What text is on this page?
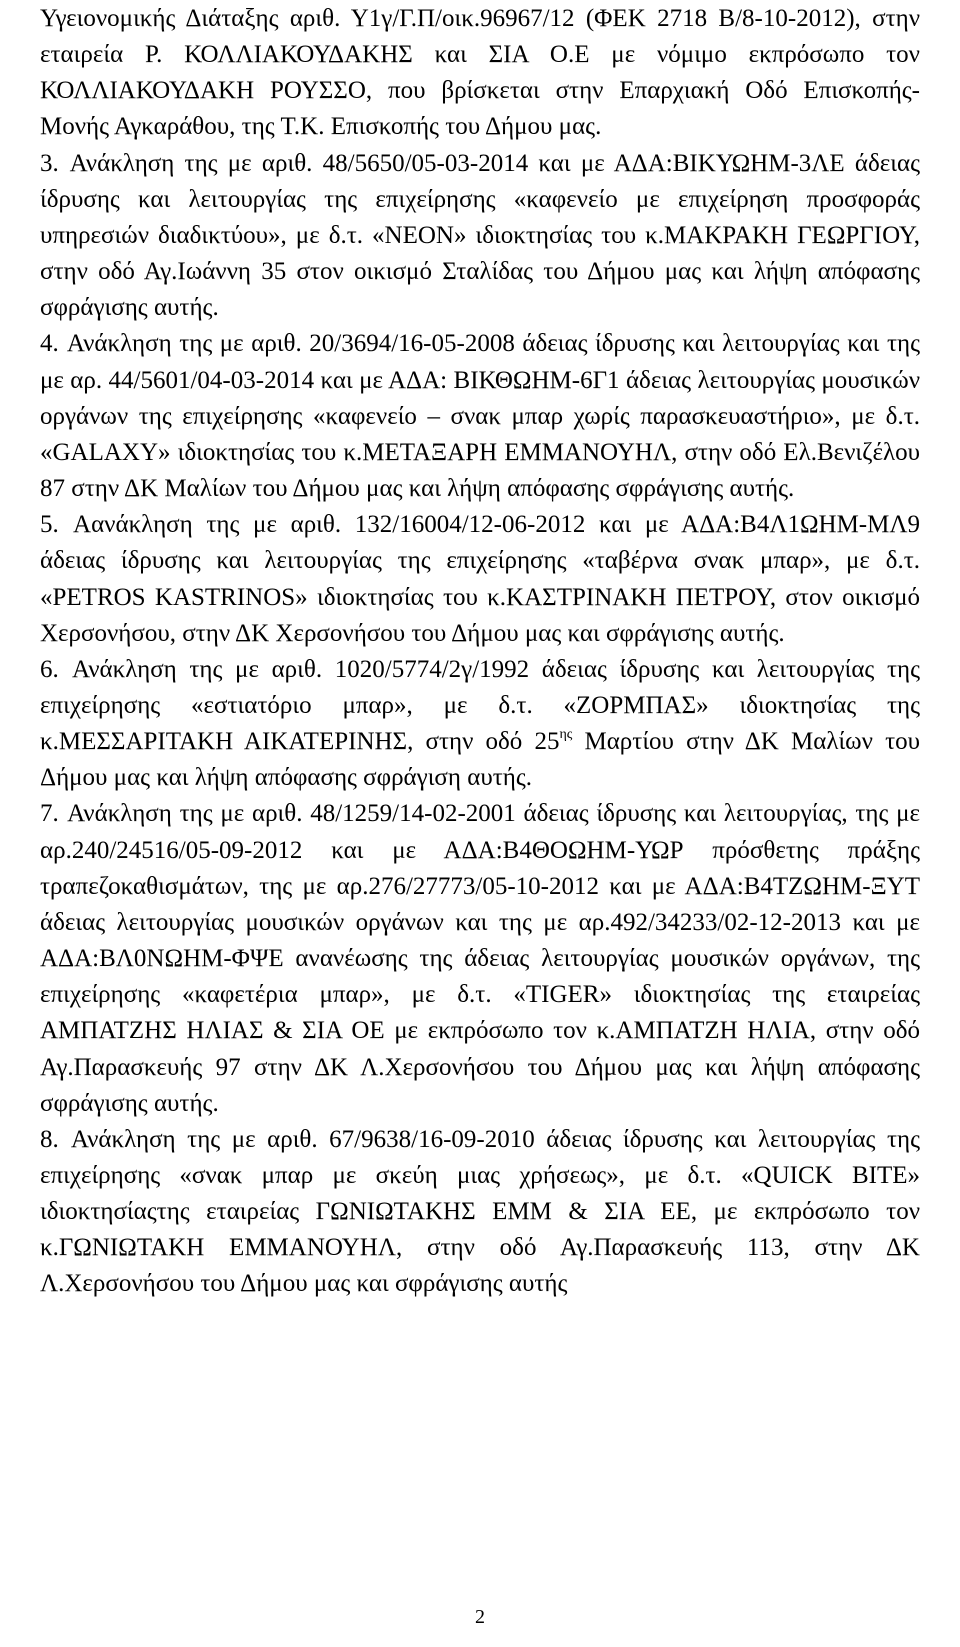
Υγειονομικής Διάταξης αριθ. Υ1γ/Γ.Π/οικ.96967/12 (ΦΕΚ 2718 Β/8-10-2012), στην εταιρεία Ρ. ΚΟΛΛΙΑΚΟΥΔΑΚΗΣ και ΣΙΑ Ο.Ε με νόμιμο εκπρόσωπο τον ΚΟΛΛΙΑΚΟΥΔΑΚΗ ΡΟΥΣΣΟ, που βρίσκεται στην Επαρχιακή Οδό Επισκοπής-Μονής Αγκαράθου, της Τ.Κ. Επισκοπής του Δήμου μας.

3. Ανάκληση της με αριθ. 48/5650/05-03-2014 και με ΑΔΑ:ΒΙΚΥΩΗΜ-3ΛΕ άδειας ίδρυσης και λειτουργίας της επιχείρησης «καφενείο με επιχείρηση προσφοράς υπηρεσιών διαδικτύου», με δ.τ. «NEON» ιδιοκτησίας του κ.ΜΑΚΡΑΚΗ ΓΕΩΡΓΙΟΥ, στην οδό Αγ.Ιωάννη 35 στον οικισμό Σταλίδας του Δήμου μας και λήψη απόφασης σφράγισης αυτής.
4. Ανάκληση της με αριθ. 20/3694/16-05-2008 άδειας ίδρυσης και λειτουργίας και της με αρ. 44/5601/04-03-2014 και με ΑΔΑ: ΒΙΚΘΩΗΜ-6Γ1 άδειας λειτουργίας μουσικών οργάνων της επιχείρησης «καφενείο – σνακ μπαρ χωρίς παρασκευαστήριο», με δ.τ. «GALAXY» ιδιοκτησίας του κ.ΜΕΤΑΞΑΡΗ ΕΜΜΑΝΟΥΗΛ, στην οδό Ελ.Βενιζέλου 87 στην ΔΚ Μαλίων του Δήμου μας και λήψη απόφασης σφράγισης αυτής.
5. Αανάκληση της με αριθ. 132/16004/12-06-2012 και με ΑΔΑ:Β4Λ1ΩΗΜ-ΜΛ9 άδειας ίδρυσης και λειτουργίας της επιχείρησης «ταβέρνα σνακ μπαρ», με δ.τ. «PETROS KASTRINOS» ιδιοκτησίας του κ.ΚΑΣΤΡΙΝΑΚΗ ΠΕΤΡΟΥ, στον οικισμό Χερσονήσου, στην ΔΚ Χερσονήσου του Δήμου μας και σφράγισης αυτής.
6. Ανάκληση της με αριθ. 1020/5774/2γ/1992 άδειας ίδρυσης και λειτουργίας της επιχείρησης «εστιατόριο μπαρ», με δ.τ. «ΖΟΡΜΠΑΣ» ιδιοκτησίας της κ.ΜΕΣΣΑΡΙΤΑΚΗ ΑΙΚΑΤΕΡΙΝΗΣ, στην οδό $25^{\eta\varsigma}$ Μαρτίου στην ΔΚ Μαλίων του Δήμου μας και λήψη απόφασης σφράγιση αυτής.
7. Ανάκληση της με αριθ. 48/1259/14-02-2001 άδειας ίδρυσης και λειτουργίας, της με αρ.240/24516/05-09-2012 και με ΑΔΑ:Β4ΘΟΩΗΜ-ΥΩΡ πρόσθετης πράξης τραπεζοκαθισμάτων, της με αρ.276/27773/05-10-2012 και με ΑΔΑ:Β4ΤΖΩΗΜ-ΞΥΤ άδειας λειτουργίας μουσικών οργάνων και της με αρ.492/34233/02-12-2013 και με ΑΔΑ:ΒΛ0ΝΩΗΜ-ΦΨΕ ανανέωσης της άδειας λειτουργίας μουσικών οργάνων, της επιχείρησης «καφετέρια μπαρ», με δ.τ. «TIGER» ιδιοκτησίας της εταιρείας ΑΜΠΑΤΖΗΣ ΗΛΙΑΣ & ΣΙΑ ΟΕ με εκπρόσωπο τον κ.ΑΜΠΑΤΖΗ ΗΛΙΑ, στην οδό Αγ.Παρασκευής 97 στην ΔΚ Λ.Χερσονήσου του Δήμου μας και λήψη απόφασης σφράγισης αυτής.
8. Ανάκληση της με αριθ. 67/9638/16-09-2010 άδειας ίδρυσης και λειτουργίας της επιχείρησης «σνακ μπαρ με σκεύη μιας χρήσεως», με δ.τ. «QUICK BITE» ιδιοκτησίαςτης εταιρείας ΓΩΝΙΩΤΑΚΗΣ ΕΜΜ & ΣΙΑ ΕΕ, με εκπρόσωπο τον κ.ΓΩΝΙΩΤΑΚΗ ΕΜΜΑΝΟΥΗΛ, στην οδό Αγ.Παρασκευής 113, στην ΔΚ Λ.Χερσονήσου του Δήμου μας και σφράγισης αυτής
2
